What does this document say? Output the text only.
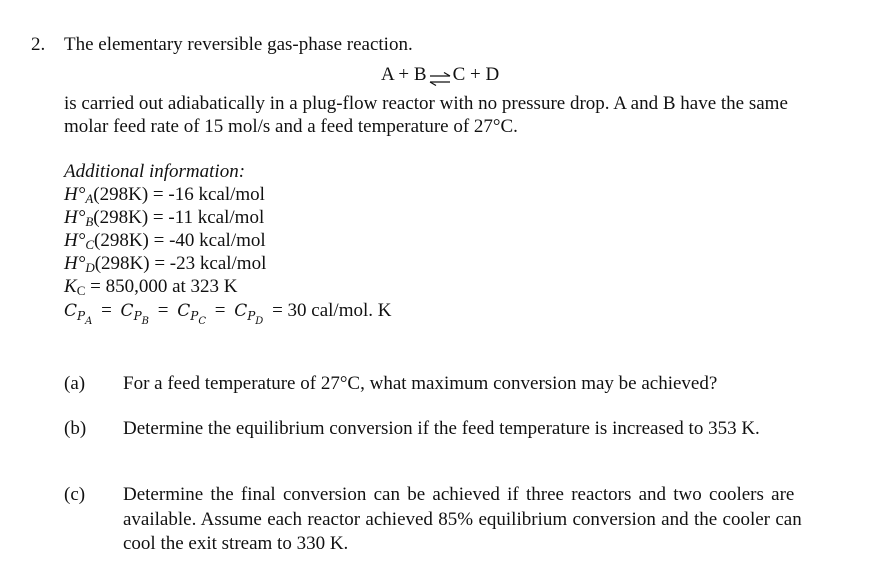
2. The elementary reversible gas-phase reaction.
A + B ⇌ C + D
is carried out adiabatically in a plug-flow reactor with no pressure drop. A and B have the same
molar feed rate of 15 mol/s and a feed temperature of 27°C.
Additional information:
$H^\circ_A(298K) = -16$ kcal/mol
$H^\circ_B(298K) = -11$ kcal/mol
$H^\circ_C(298K) = -40$ kcal/mol
$H^\circ_D(298K) = -23$ kcal/mol
$K_C = 850,000$ at 323 K
$C_{P_A} = C_{P_B} = C_{P_C} = C_{P_D} = 30$ cal/mol. K
(a) For a feed temperature of 27°C, what maximum conversion may be achieved?
(b) Determine the equilibrium conversion if the feed temperature is increased to 353 K.
(c) Determine the final conversion can be achieved if three reactors and two coolers are
available. Assume each reactor achieved 85% equilibrium conversion and the cooler can
cool the exit stream to 330 K.
